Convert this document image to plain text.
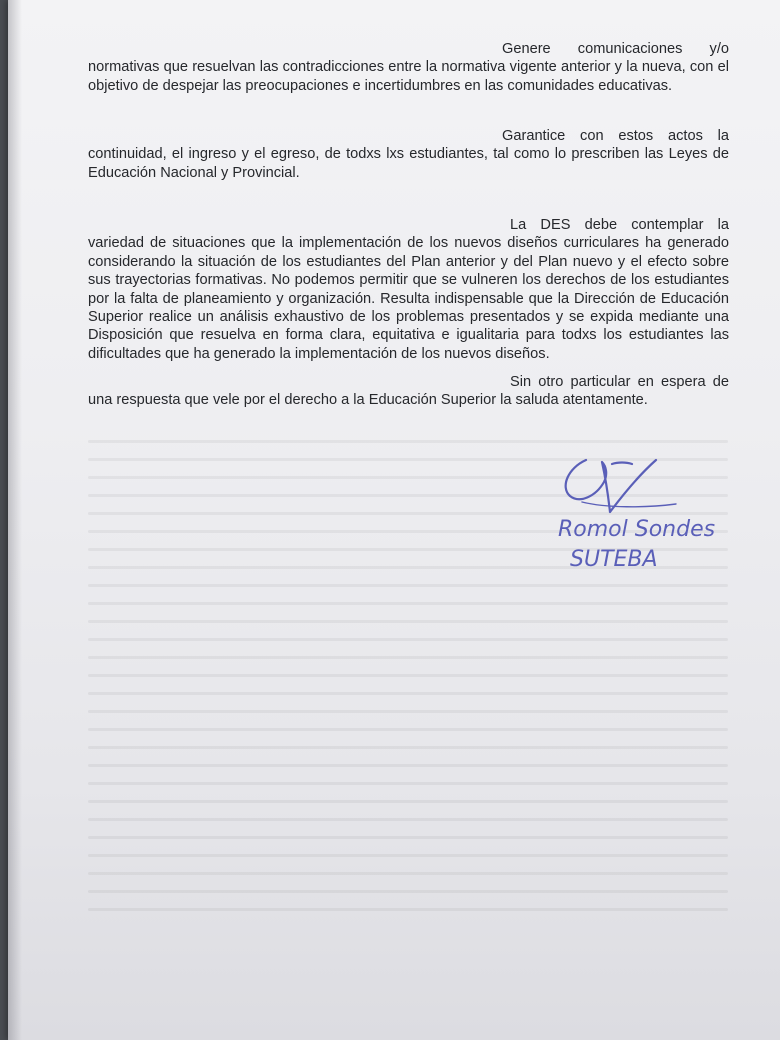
Genere comunicaciones y/o normativas que resuelvan las contradicciones entre la normativa vigente anterior y la nueva, con el objetivo de despejar las preocupaciones e incertidumbres en las comunidades educativas.

Garantice con estos actos la continuidad, el ingreso y el egreso, de todxs lxs estudiantes, tal como lo prescriben las Leyes de Educación Nacional y Provincial.

La DES debe contemplar la variedad de situaciones que la implementación de los nuevos diseños curriculares ha generado considerando la situación de los estudiantes del Plan anterior y del Plan nuevo y el efecto sobre sus trayectorias formativas. No podemos permitir que se vulneren los derechos de los estudiantes por la falta de planeamiento y organización. Resulta indispensable que la Dirección de Educación Superior realice un análisis exhaustivo de los problemas presentados y se expida mediante una Disposición que resuelva en forma clara, equitativa e igualitaria para todxs los estudiantes las dificultades que ha generado la implementación de los nuevos diseños.

Sin otro particular en espera de una respuesta que vele por el derecho a la Educación Superior la saluda atentamente.

Romol Sondes
SUTEBA
